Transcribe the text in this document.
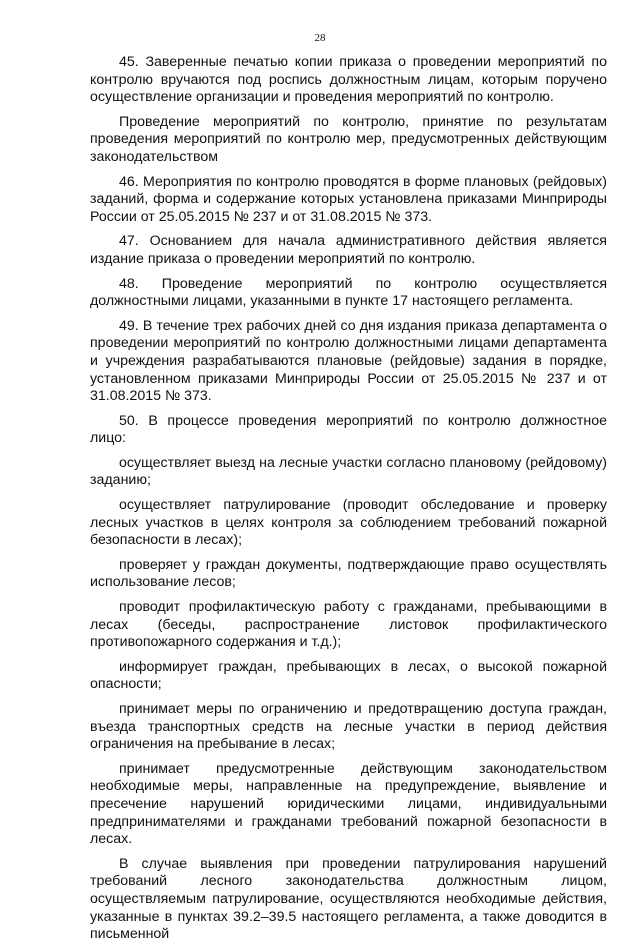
28

45. Заверенные печатью копии приказа о проведении мероприятий по контролю вручаются под роспись должностным лицам, которым поручено осуществление организации и проведения мероприятий по контролю.

Проведение мероприятий по контролю, принятие по результатам проведения мероприятий по контролю мер, предусмотренных действующим законодательством

46. Мероприятия по контролю проводятся в форме плановых (рейдовых) заданий, форма и содержание которых установлена приказами Минприроды России от 25.05.2015 № 237 и от 31.08.2015 № 373.

47. Основанием для начала административного действия является издание приказа о проведении мероприятий по контролю.

48. Проведение мероприятий по контролю осуществляется должностными лицами, указанными в пункте 17 настоящего регламента.

49. В течение трех рабочих дней со дня издания приказа департамента о проведении мероприятий по контролю должностными лицами департамента и учреждения разрабатываются плановые (рейдовые) задания в порядке, установленном приказами Минприроды России от 25.05.2015 № 237 и от 31.08.2015 № 373.

50. В процессе проведения мероприятий по контролю должностное лицо:

осуществляет выезд на лесные участки согласно плановому (рейдовому) заданию;

осуществляет патрулирование (проводит обследование и проверку лесных участков в целях контроля за соблюдением требований пожарной безопасности в лесах);

проверяет у граждан документы, подтверждающие право осуществлять использование лесов;

проводит профилактическую работу с гражданами, пребывающими в лесах (беседы, распространение листовок профилактического противопожарного содержания и т.д.);

информирует граждан, пребывающих в лесах, о высокой пожарной опасности;

принимает меры по ограничению и предотвращению доступа граждан, въезда транспортных средств на лесные участки в период действия ограничения на пребывание в лесах;

принимает предусмотренные действующим законодательством необходимые меры, направленные на предупреждение, выявление и пресечение нарушений юридическими лицами, индивидуальными предпринимателями и гражданами требований пожарной безопасности в лесах.

В случае выявления при проведении патрулирования нарушений требований лесного законодательства должностным лицом, осуществляемым патрулирование, осуществляются необходимые действия, указанные в пунктах 39.2–39.5 настоящего регламента, а также доводится в письменной
